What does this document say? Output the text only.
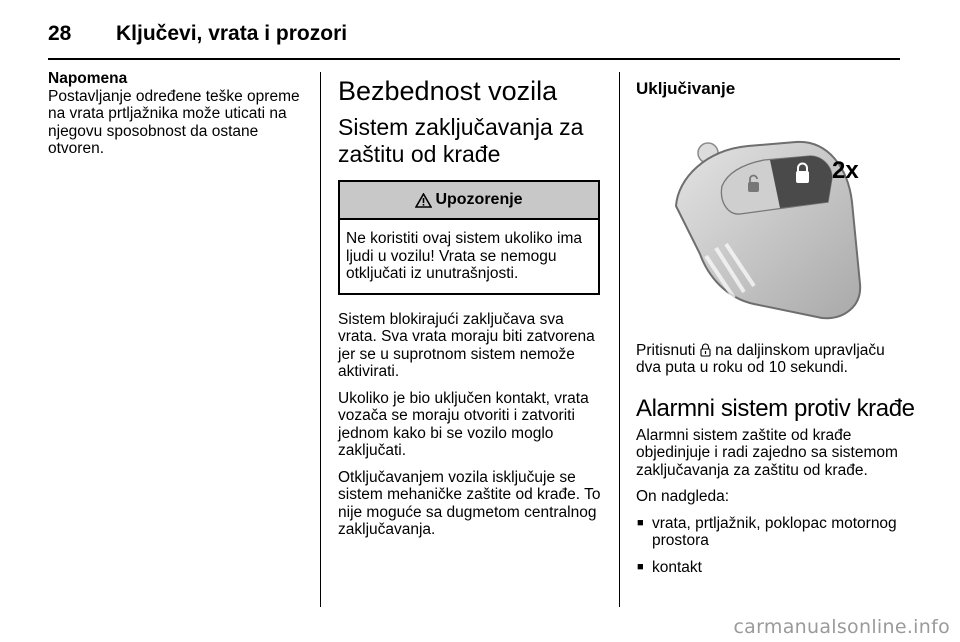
28 Ključevi, vrata i prozori
Napomena
Postavljanje određene teške opreme na vrata prtljažnika može uticati na njegovu sposobnost da ostane otvoren.
Bezbednost vozila
Sistem zaključavanja za zaštitu od krađe
Upozorenje
Ne koristiti ovaj sistem ukoliko ima ljudi u vozilu! Vrata se nemogu otključati iz unutrašnjosti.
Sistem blokirajući zaključava sva vrata. Sva vrata moraju biti zatvorena jer se u suprotnom sistem nemože aktivirati.
Ukoliko je bio uključen kontakt, vrata vozača se moraju otvoriti i zatvoriti jednom kako bi se vozilo moglo zaključati.
Otključavanjem vozila isključuje se sistem mehaničke zaštite od krađe. To nije moguće sa dugmetom centralnog zaključavanja.
Uključivanje
2x
Pritisnuti na daljinskom upravljaču dva puta u roku od 10 sekundi.
Alarmni sistem protiv krađe
Alarmni sistem zaštite od krađe objedinjuje i radi zajedno sa sistemom zaključavanja za zaštitu od krađe.
On nadgleda:
■ vrata, prtljažnik, poklopac motornog prostora
■ kontakt
carmanualsonline.info
